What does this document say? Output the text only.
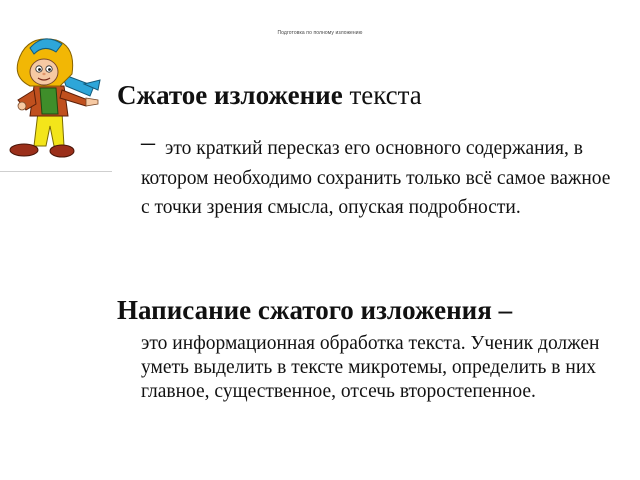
Подготовка по полному изложению
Сжатое изложение текста
– это краткий пересказ его основного содержания, в котором необходимо сохранить только всё самое важное с точки зрения смысла, опуская подробности.
Написание сжатого изложения –
это информационная обработка текста. Ученик должен уметь выделить в тексте микротемы, определить в них главное, существенное, отсечь второстепенное.
